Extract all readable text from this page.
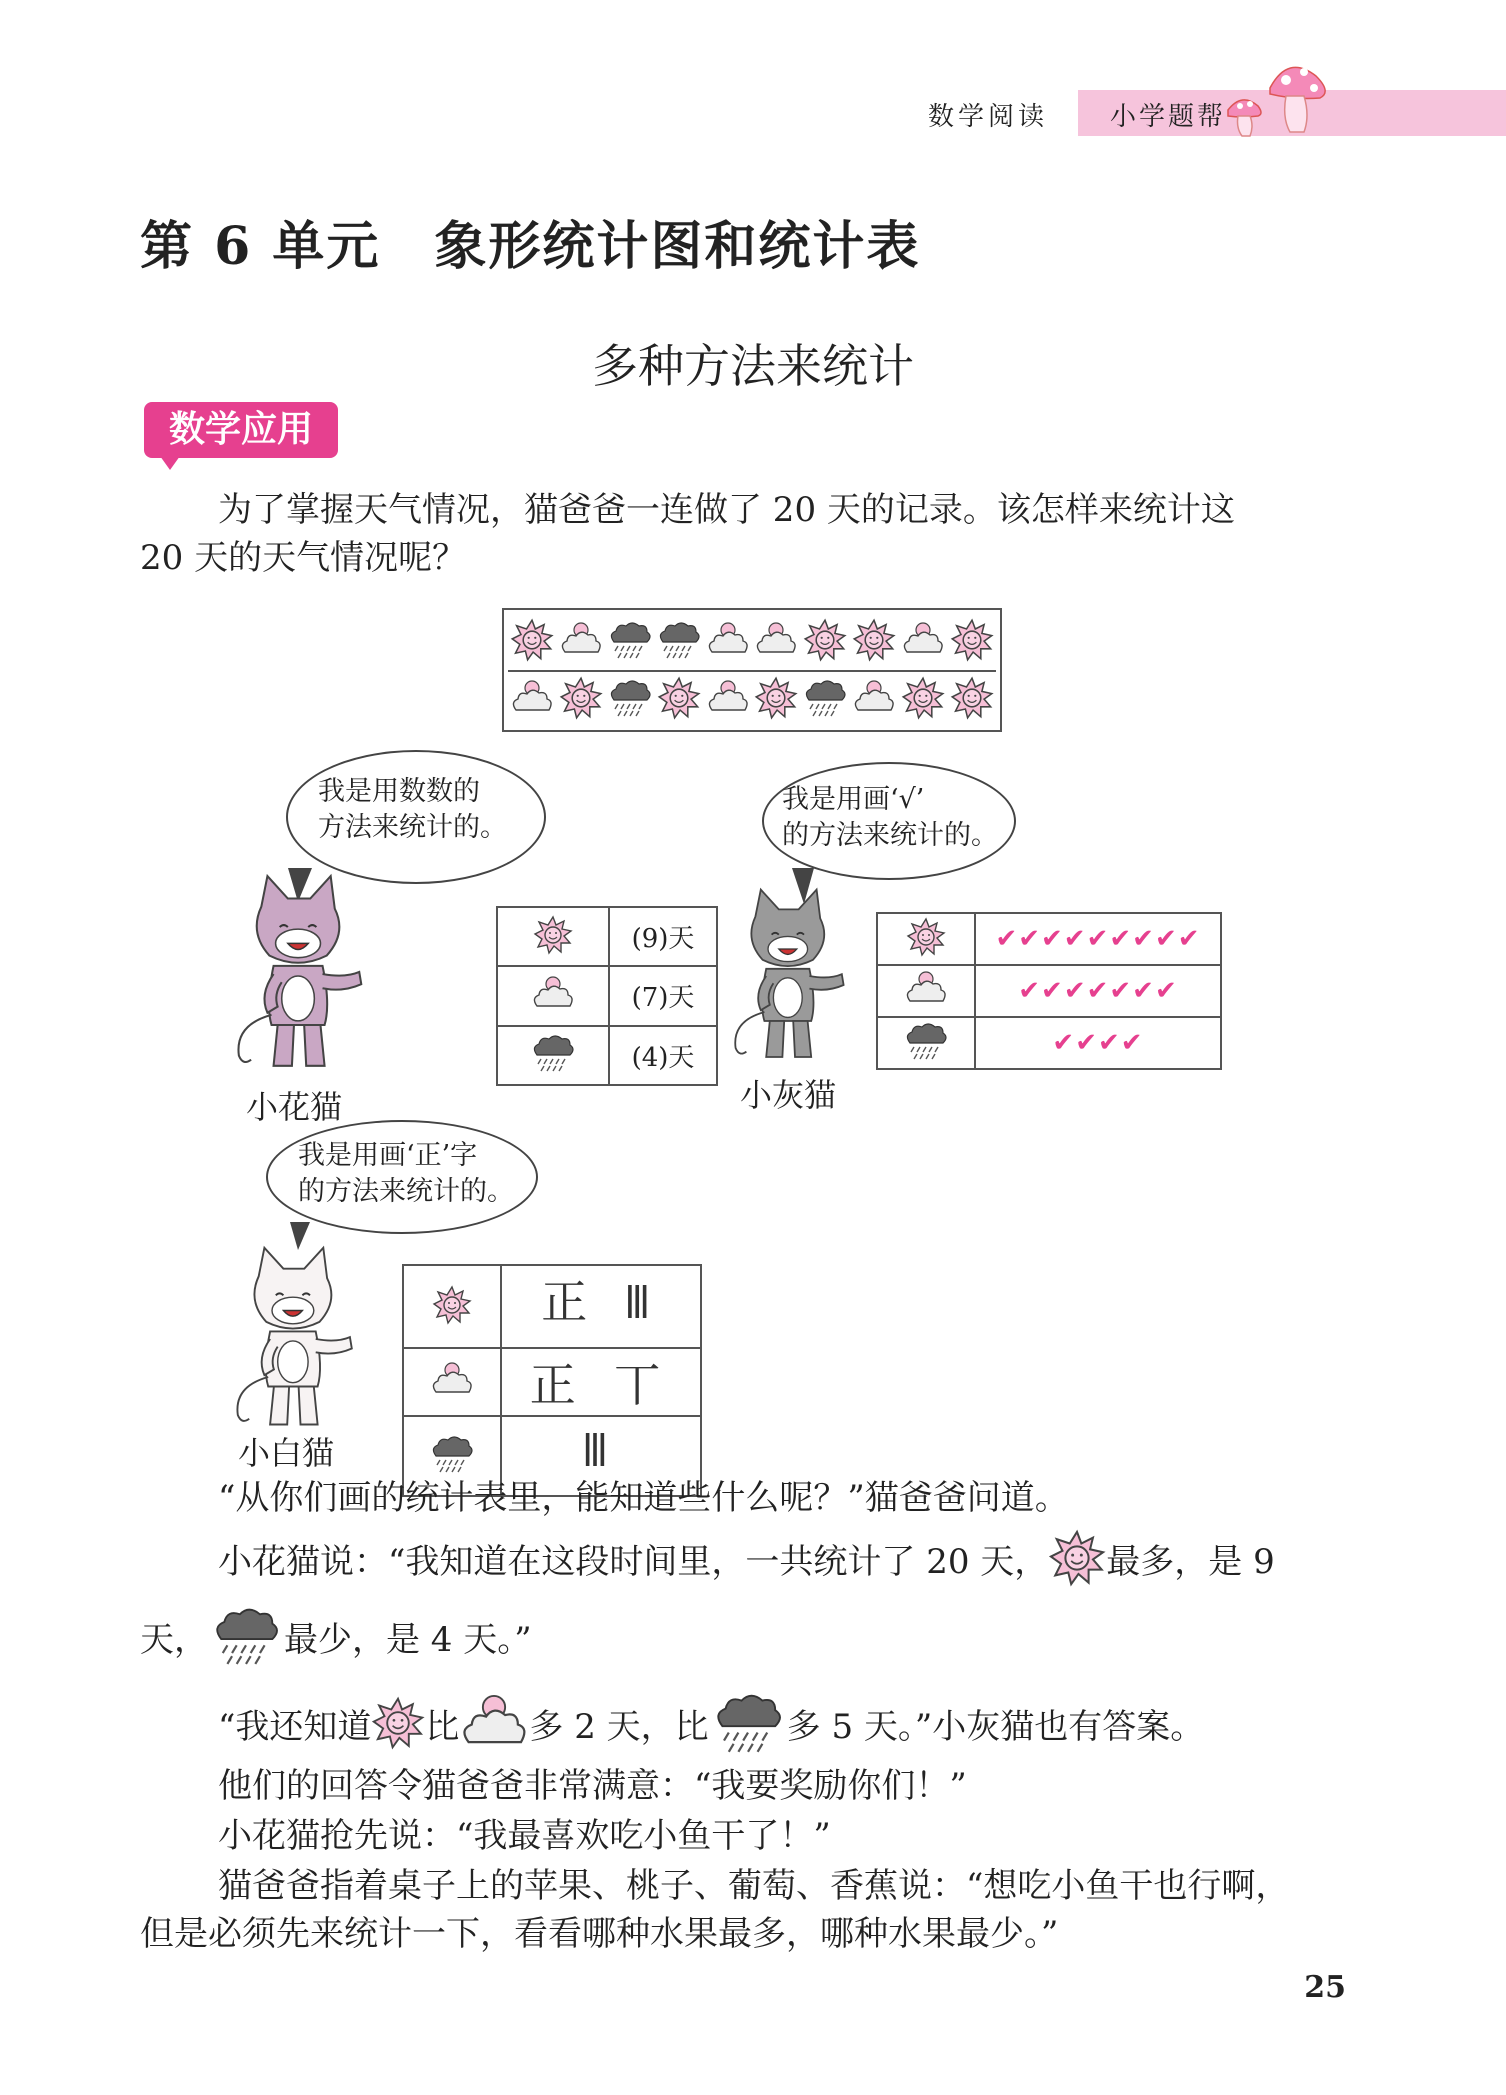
数学阅读 小学题帮
第 6 单元　象形统计图和统计表
多种方法来统计
数学应用

为了掌握天气情况，猫爸爸一连做了 20 天的记录。该怎样来统计这

20 天的天气情况呢？

我是用数数的
方法来统计的。
小花猫
	(9)天

	(7)天

	(4)天
我是用画‘√’
的方法来统计的。
小灰猫
	✔✔✔✔✔✔✔✔✔

	✔✔✔✔✔✔✔

	✔✔✔✔
我是用画‘正’字
的方法来统计的。
小白猫
	正 𝍫

	正 丅

	𝍫

“从你们画的统计表里，能知道些什么呢？”猫爸爸问道。

小花猫说：“我知道在这段时间里，一共统计了 20 天， 最多，是 9
天， 最少，是 4 天。”
“我还知道 比 多 2 天，比 多 5 天。”小灰猫也有答案。

他们的回答令猫爸爸非常满意：“我要奖励你们！”

小花猫抢先说：“我最喜欢吃小鱼干了！”

猫爸爸指着桌子上的苹果、桃子、葡萄、香蕉说：“想吃小鱼干也行啊，

但是必须先来统计一下，看看哪种水果最多，哪种水果最少。”

25
